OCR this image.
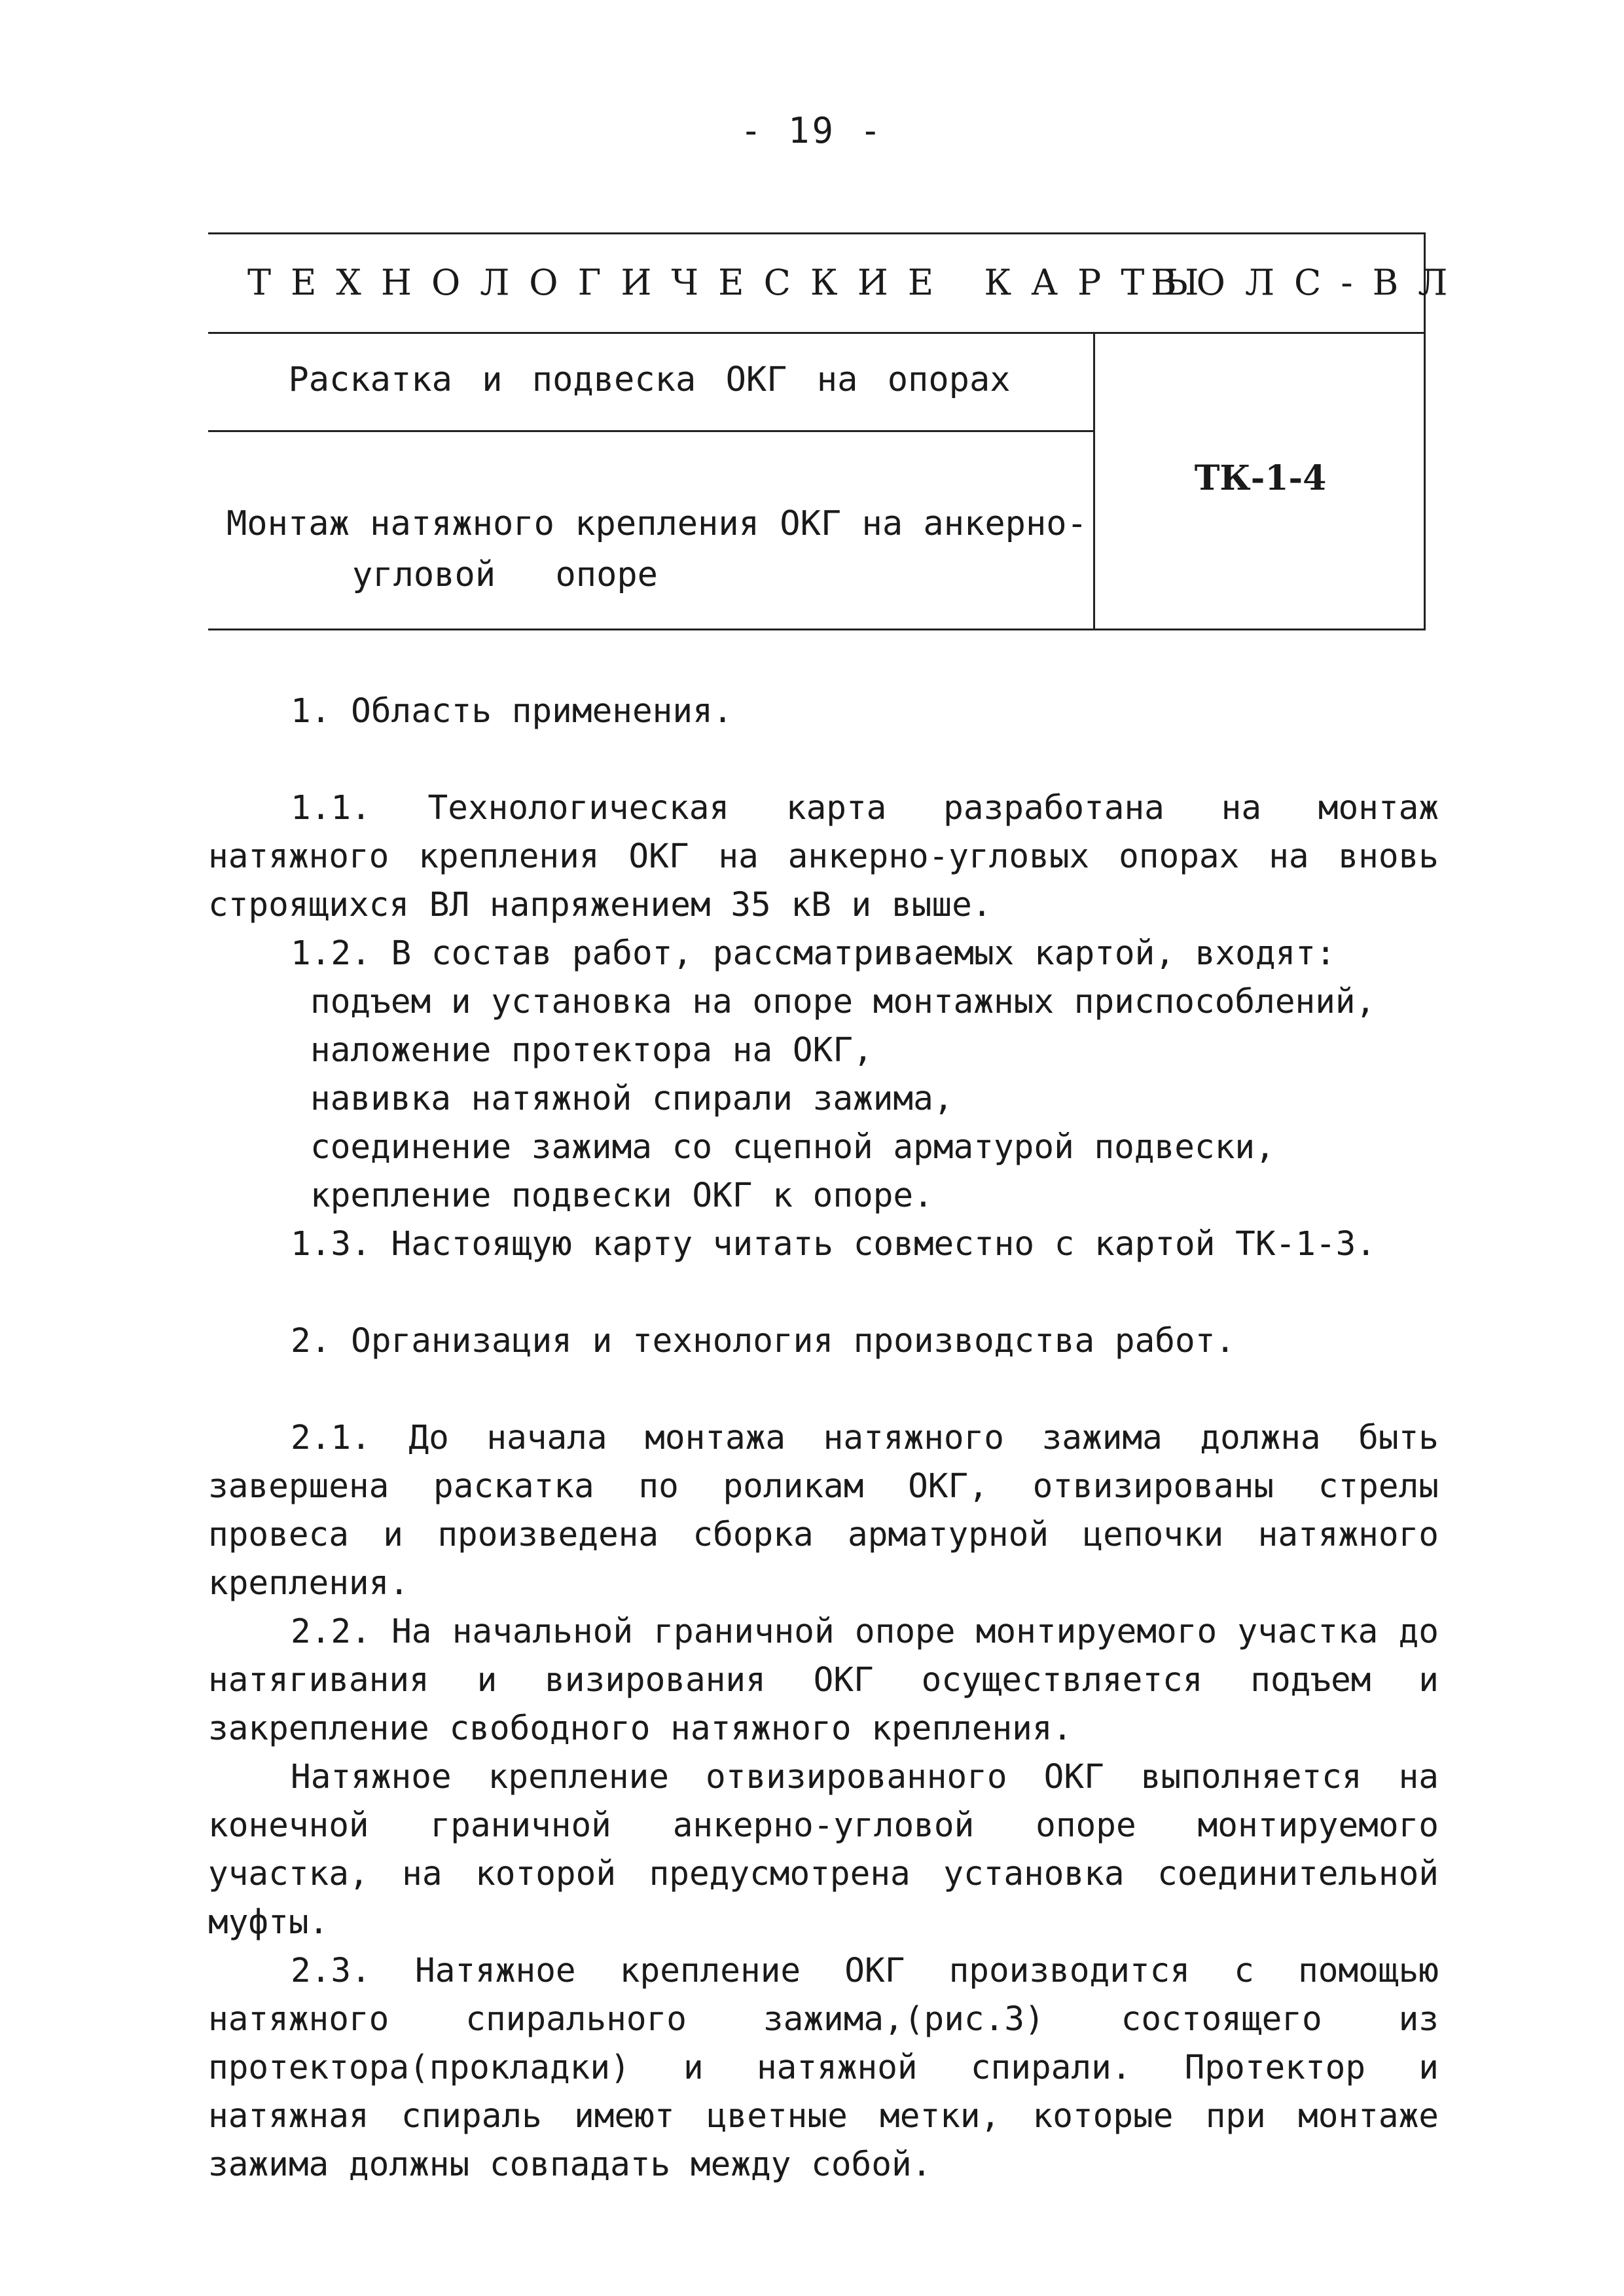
- 19 -
ТЕХНОЛОГИЧЕСКИЕ КАРТЫ
ВОЛС-ВЛ
Раскатка и подвеска ОКГ на опорах
ТК-1-4
Монтаж натяжного крепления ОКГ на анкерно-
угловой опоре

1. Область применения.

1.1. Технологическая карта разработана на монтаж натяжного крепления ОКГ на анкерно-угловых опорах на вновь строящихся ВЛ напряжением 35 кВ и выше.

1.2. В состав работ, рассматриваемых картой, входят:

подъем и установка на опоре монтажных приспособлений,

наложение протектора на ОКГ,

навивка натяжной спирали зажима,

соединение зажима со сцепной арматурой подвески,

крепление подвески ОКГ к опоре.

1.3. Настоящую карту читать совместно с картой ТК-1-3.

2. Организация и технология производства работ.

2.1. До начала монтажа натяжного зажима должна быть завершена раскатка по роликам ОКГ, отвизированы стрелы провеса и произведена сборка арматурной цепочки натяжного крепления.

2.2. На начальной граничной опоре монтируемого участка до натягивания и визирования ОКГ осуществляется подъем и закрепление свободного натяжного крепления.

Натяжное крепление отвизированного ОКГ выполняется на конечной граничной анкерно-угловой опоре монтируемого участка, на которой предусмотрена установка соединительной муфты.

2.3. Натяжное крепление ОКГ производится с помощью натяжного спирального зажима,(рис.3) состоящего из протектора(прокладки) и натяжной спирали. Протектор и натяжная спираль имеют цветные метки, которые при монтаже зажима должны совпадать между собой.
